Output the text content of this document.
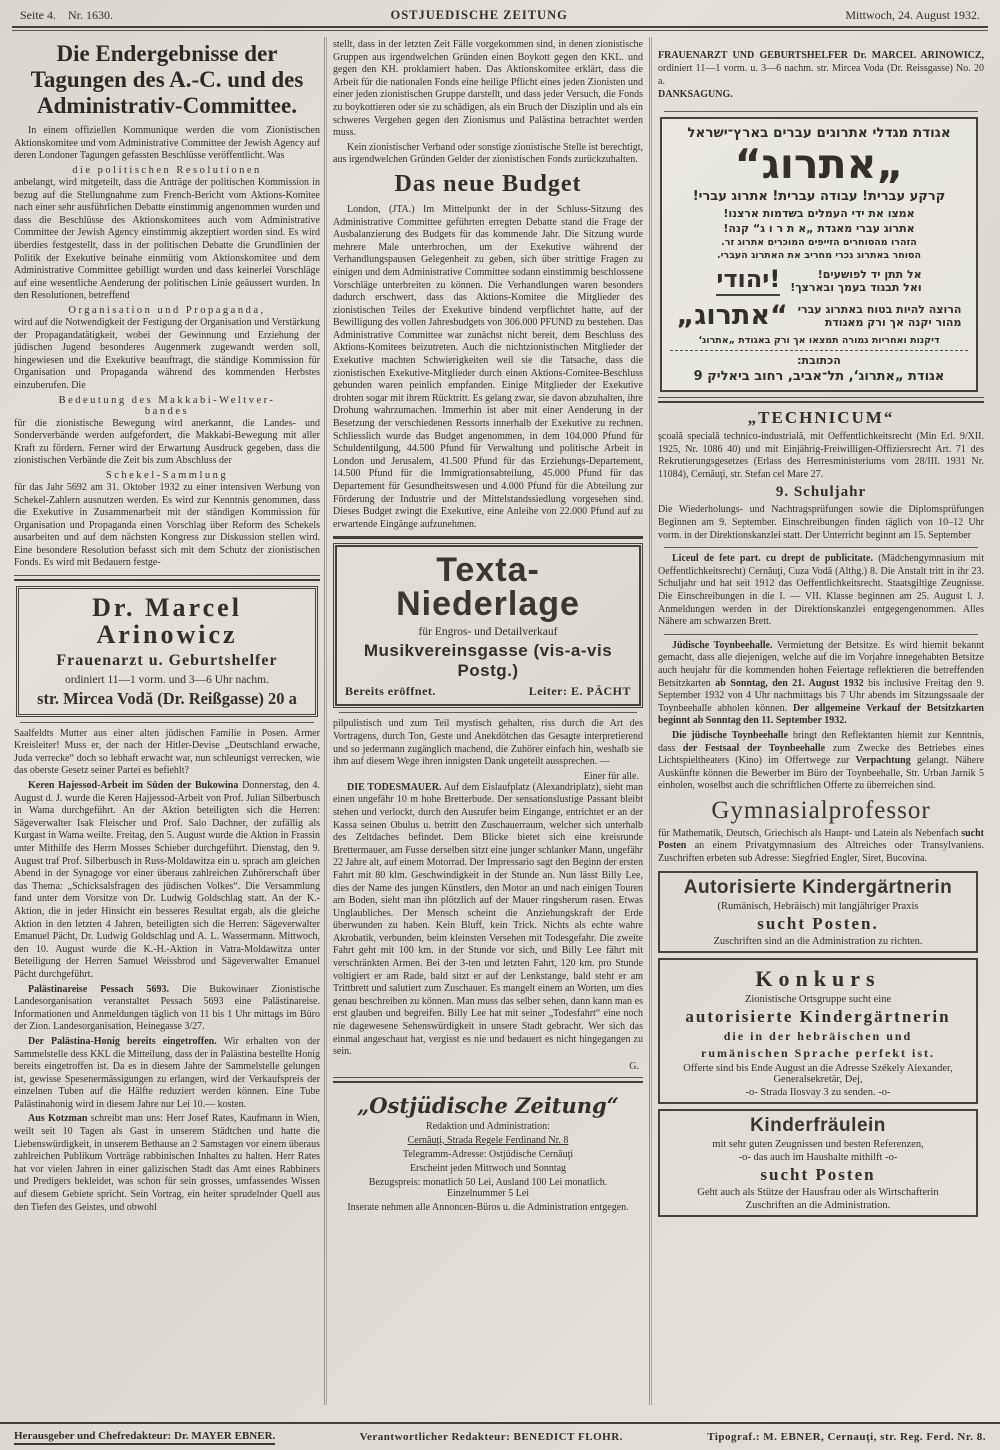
Seite 4. Nr. 1630.	OSTJUEDISCHE ZEITUNG	Mittwoch, 24. August 1932.
Die Endergebnisse der
Tagungen des A.-C. und des
Administrativ-Committee.

In einem offiziellen Kommunique werden die vom Zionistischen Aktionskomitee und vom Administrative Committee der Jewish Agency auf deren Londoner Tagungen gefassten Beschlüsse veröffentlicht. Was

die politischen Resolutionen

anbelangt, wird mitgeteilt, dass die Anträge der politischen Kommission in bezug auf die Stellungnahme zum French-Bericht vom Aktions-Komitee nach einer sehr ausführlichen Debatte einstimmig angenommen wurden und dass die Beschlüsse des Aktionskomitees auch vom Administrative Committee der Jewish Agency einstimmig akzeptiert worden sind. Es wird überdies festgestellt, dass in der politischen Debatte die Grundlinien der Politik der Exekutive beinahe einmütig vom Aktionskomitee und dem Administrative Committee gebilligt wurden und dass keinerlei Vorschläge auf eine wesentliche Aenderung der politischen Linie geäussert wurden. In den Resolutionen, betreffend

Organisation und Propaganda,

wird auf die Notwendigkeit der Festigung der Organisation und Verstärkung der Propagandatätigkeit, wobei der Gewinnung und Erziehung der jüdischen Jugend besonderes Augenmerk zugewandt werden soll, hingewiesen und die Exekutive beauftragt, die ständige Kommission für Organisation und Propaganda während des kommenden Herbstes einzuberufen. Die

Bedeutung des Makkabi-Weltver-
bandes

für die zionistische Bewegung wird anerkannt, die Landes- und Sonderverbände werden aufgefordert, die Makkabi-Bewegung mit aller Kraft zu fördern. Ferner wird der Erwartung Ausdruck gegeben, dass die zionistischen Verbände die Zeit bis zum Abschluss der

Schekel-Sammlung

für das Jahr 5692 am 31. Oktober 1932 zu einer intensiven Werbung von Schekel-Zahlern ausnutzen werden. Es wird zur Kenntnis genommen, dass die Exekutive in Zusammenarbeit mit der ständigen Kommission für Organisation und Propaganda einen Vorschlag über Reform des Schekels ausarbeiten und auf dem nächsten Kongress zur Diskussion stellen wird. Eine besondere Resolution befasst sich mit dem Schutz der zionistischen Fonds. Es wird mit Bedauern festge-

Dr. Marcel Arinowicz
Frauenarzt u. Geburtshelfer
ordiniert 11—1 vorm. und 3—6 Uhr nachm.
str. Mircea Vodă (Dr. Reißgasse) 20 a

Saalfeldts Mutter aus einer alten jüdischen Familie in Posen. Armer Kreisleiter! Muss er, der nach der Hitler-Devise „Deutschland erwache, Juda verrecke“ doch so lebhaft erwacht war, nun schleunigst verrecken, wie das oberste Gesetz seiner Partei es befiehlt?

Keren Hajessod-Arbeit im Süden der Bukowina Donnerstag, den 4. August d. J. wurde die Keren Hajjessod-Arbeit von Prof. Julian Silberbusch in Wama durchgeführt. An der Aktion beteiligten sich die Herren: Sägeverwalter Isak Fleischer und Prof. Salo Dachner, der zufällig als Kurgast in Wama weilte. Freitag, den 5. August wurde die Aktion in Frassin unter Mithilfe des Herrn Mosses Schieber durchgeführt. Dienstag, den 9. August traf Prof. Silberbusch in Russ-Moldawitza ein u. sprach am gleichen Abend in der Synagoge vor einer überaus zahlreichen Zuhörerschaft über das Thema: „Schicksalsfragen des jüdischen Volkes“. Die Versammlung fand unter dem Vorsitze von Dr. Ludwig Goldschlag statt. An der K.-Aktion, die in jeder Hinsicht ein besseres Resultat ergab, als die gleiche Aktion in den letzten 4 Jahren, beteiligten sich die Herren: Sägeverwalter Emanuel Pächt, Dr. Ludwig Goldschlag und A. L. Wassermann. Mittwoch, den 10. August wurde die K.-H.-Aktion in Vatra-Moldawitza unter Beteiligung der Herren Samuel Weissbrod und Sägeverwalter Emanuel Pächt durchgeführt.

Palästinareise Pessach 5693. Die Bukowinaer Zionistische Landesorganisation veranstaltet Pessach 5693 eine Palästinareise. Informationen und Anmeldungen täglich von 11 bis 1 Uhr mittags im Büro der Zion. Landesorganisation, Heinegasse 3/27.

Der Palästina-Honig bereits eingetroffen. Wir erhalten von der Sammelstelle dess KKL die Mitteilung, dass der in Palästina bestellte Honig bereits eingetroffen ist. Da es in diesem Jahre der Sammelstelle gelungen ist, gewisse Spesenermässigungen zu erlangen, wird der Verkaufspreis der einzelnen Tuben auf die Hälfte reduziert werden können. Eine Tube Palästinahonig wird in diesem Jahre nur Lei 10.— kosten.

Aus Kotzman schreibt man uns: Herr Josef Rates, Kaufmann in Wien, weilt seit 10 Tagen als Gast in unserem Städtchen und hatte die Liebenswürdigkeit, in unserem Bethause an 2 Samstagen vor einem überaus zahlreichen Publikum Vorträge rabbinischen Inhaltes zu halten. Herr Rates hat vor vielen Jahren in einer galizischen Stadt das Amt eines Rabbiners und Predigers bekleidet, was schon für sein grosses, umfassendes Wissen auf diesem Gebiete spricht. Sein Vortrag, ein heiter sprudelnder Quell aus den Tiefen des Geistes, und obwohl

stellt, dass in der letzten Zeit Fälle vorgekommen sind, in denen zionistische Gruppen aus irgendwelchen Gründen einen Boykott gegen den KKL. und gegen den KH. proklamiert haben. Das Aktionskomitee erklärt, dass die Arbeit für die nationalen Fonds eine heilige Pflicht eines jeden Zionisten und einer jeden zionistischen Gruppe darstellt, und dass jeder Versuch, die Fonds zu boykottieren oder sie zu schädigen, als ein Bruch der Disziplin und als ein schweres Vergehen gegen den Zionismus und Palästina betrachtet werden muss.

Kein zionistischer Verband oder sonstige zionistische Stelle ist berechtigt, aus irgendwelchen Gründen Gelder der zionistischen Fonds zurückzuhalten.

Das neue Budget

London, (JTA.) Im Mittelpunkt der in der Schluss-Sitzung des Administrative Committee geführten erregten Debatte stand die Frage der Ausbalanzierung des Budgets für das kommende Jahr. Die Sitzung wurde mehrere Male unterbrochen, um der Exekutive während der Verhandlungspausen Gelegenheit zu geben, sich über strittige Fragen zu einigen und dem Administrative Committee sodann einstimmig beschlossene Vorschläge unterbreiten zu können. Die Verhandlungen waren besonders dadurch erschwert, dass das Aktions-Komitee die Mitglieder des zionistischen Teiles der Exekutive bindend verpflichtet hatte, auf der Bewilligung des vollen Jahresbudgets von 306.000 PFUND zu bestehen. Das Administrative Committee war zunächst nicht bereit, dem Beschluss des Aktions-Komitees beizutreten. Auch die nichtzionistischen Mitglieder der Exekutive machten Schwierigkeiten weil sie die Tatsache, dass die zionistischen Exekutive-Mitglieder durch einen Aktions-Comitee-Beschluss gebunden waren peinlich empfanden. Einige Mitglieder der Exekutive drohten sogar mit ihrem Rücktritt. Es gelang zwar, sie davon abzuhalten, ihre Drohung wahrzumachen. Immerhin ist aber mit einer Aenderung in der Besetzung der verschiedenen Ressorts innerhalb der Exekutive zu rechnen. Schliesslich wurde das Budget angenommen, in dem 104.000 Pfund für Schuldentilgung, 44.500 Pfund für Verwaltung und politische Arbeit in London und Jerusalem, 41.500 Pfund für das Erziehungs-Departement, 14.500 Pfund für die Immigrationsabteilung, 45.000 Pfund für das Departement für Gesundheitswesen und 4.000 Pfund für die Abteilung zur Förderung der Industrie und der Mittelstandssiedlung vorgesehen sind. Dieses Budget zwingt die Exekutive, eine Anleihe von 22.000 Pfund auf zu erwartende Eingänge aufzunehmen.

Texta-Niederlage
für Engros- und Detailverkauf
Musikvereinsgasse (vis-a-vis Postg.)
Bereits eröffnet.	Leiter: E. PÄCHT

pilpulistisch und zum Teil mystisch gehalten, riss durch die Art des Vortragens, durch Ton, Geste und Anekdötchen das Gesagte interpretierend und so jedermann zugänglich machend, die Zuhörer einfach hin, weshalb sie ihm auf diesem Wege ihren innigsten Dank ungeteilt aussprechen. —

Einer für alle.

DIE TODESMAUER. Auf dem Eislaufplatz (Alexandriplatz), sieht man einen ungefähr 10 m hohe Bretterbude. Der sensationslustige Passant bleibt stehen und verlockt, durch den Ausrufer beim Eingange, entrichtet er an der Kassa seinen Obulus u. betritt den Zuschauerraum, welcher sich unterhalb des Zeltdaches befindet. Dem Blicke bietet sich eine kreisrunde Brettermauer, am Fusse derselben sitzt eine junger schlanker Mann, ungefähr 22 Jahre alt, auf einem Motorrad. Der Impressario sagt den Beginn der ersten Fahrt mit 80 klm. Geschwindigkeit in der Stunde an. Nun lässt Billy Lee, dies der Name des jungen Künstlers, den Motor an und nach einigen Touren am Boden, sieht man ihn plötzlich auf der Mauer ringsherum rasen. Etwas Unglaubliches. Der Mensch scheint die Anziehungskraft der Erde überwunden zu haben. Kein Bluff, kein Trick. Nichts als echte wahre Akrobatik, verbunden, beim kleinsten Versehen mit Todesgefahr. Die zweite Fahrt geht mit 100 km. in der Stunde vor sich, und Billy Lee fährt mit verschränkten Armen. Bei der 3-ten und letzten Fahrt, 120 km. pro Stunde voltigiert er am Rade, bald sitzt er auf der Lenkstange, bald steht er am Trittbrett und salutiert zum Zuschauer. Es mangelt einem an Worten, um dies genau beschreiben zu können. Man muss das selber sehen, dann kann man es erst glauben und begreifen. Billy Lee hat mit seiner „Todesfahrt“ eine noch nie dagewesene Sehenswürdigkeit in unsere Stadt gebracht. Wer sich das einmal angeschaut hat, vergisst es nie und bedauert es nicht hingegangen zu sein.

G.
„Ostjüdische Zeitung“
Redaktion und Administration:
Cernăuţi, Strada Regele Ferdinand Nr. 8
Telegramm-Adresse: Ostjüdische Cernăuţi
Erscheint jeden Mittwoch und Sonntag
Bezugspreis: monatlich 50 Lei, Ausland 100 Lei monatlich. Einzelnummer 5 Lei
Inserate nehmen alle Annoncen-Büros u. die Administration entgegen.

FRAUENARZT UND GEBURTSHELFER Dr. MARCEL ARINOWICZ, ordiniert 11—1 vorm. u. 3—6 nachm. str. Mircea Voda (Dr. Reissgasse) No. 20 a.
DANKSAGUNG.

אגודת מגדלי אתרוגים עברים בארץ־ישראל
„אתרוג“
קרקע עברית! עבודה עברית! אתרוג עברי!
אמצו את ידי העמלים בשדמות ארצנו!
אתרוג עברי מאגדת „א ת ר ו ג“ קנה!
הזהרו מהסוחרים הזייפים המוכרים אתרוג זר.
הסוחר באתרוג נכרי מחריב את האתרוג העברי.
יהודי!	אל תתן יד לפושעים!
ואל תבגוד בעמך ובארצך!
„אתרוג“ הרוצה להיות בטוח באתרוג עברי
מהור יקנה אך ורק מאגודת
דיקנות ואחריות גמורה תמצאו אך ורק באגודת „אתרוג‘
הכתובת:
אגודת „אתרוג‘, תל־אביב, רחוב ביאליק 9
„TECHNICUM“

şcoală specială technico-industrială, mit Oeffentlichkeitsrecht (Min Erl. 9/XII. 1925, Nr. 1086 40) und mit Einjährig-Freiwilligen-Offiziersrecht Art. 71 des Rekrutierungsgesetzes (Erlass des Herresministeriums vom 28/III. 1931 Nr. 11084), Cernăuţi, str. Stefan cel Mare 27.

9. Schuljahr

Die Wiederholungs- und Nachtragsprüfungen sowie die Diplomsprüfungen Beginnen am 9. September. Einschreibungen finden täglich von 10–12 Uhr vorm. in der Direktionskanzlei statt. Der Unterricht beginnt am 15. September

Liceul de fete part. cu drept de publicitate. (Mädchengymnasium mit Oeffentlichkeitsrecht) Cernăuţi, Cuza Vodă (Althg.) 8. Die Anstalt tritt in ihr 23. Schuljahr und hat seit 1912 das Oeffentlichkeitsrecht. Staatsgiltige Zeugnisse. Die Einschreibungen in die I. — VII. Klasse beginnen am 25. August l. J. Anmeldungen werden in der Direktionskanzlei entgegengenommen. Alles Nähere am schwarzen Brett.

Jüdische Toynbeehalle. Vermietung der Betsitze. Es wird hiemit bekannt gemacht, dass alle diejenigen, welche auf die im Vorjahre innegehabten Betsitze auch heujahr für die kommenden hohen Feiertage reflektieren die betreffenden Betsitzkarten ab Sonntag, den 21. August 1932 bis inclusive Freitag den 9. September 1932 von 4 Uhr nachmittags bis 7 Uhr abends im Sitzungssaale der Toynbeehalle abholen können. Der allgemeine Verkauf der Betsitzkarten beginnt ab Sonntag den 11. September 1932.

Die jüdische Toynbeehalle bringt den Reflektanten hiemit zur Kenntnis, dass der Festsaal der Toynbeehalle zum Zwecke des Betriebes eines Lichtspieltheaters (Kino) im Offertwege zur Verpachtung gelangt. Nähere Auskünfte können die Bewerber im Büro der Toynbeehalle, Str. Urban Jarnik 5 einholen, woselbst auch die schriftlichen Offerte zu überreichen sind.

Gymnasialprofessor

für Mathematik, Deutsch, Griechisch als Haupt- und Latein als Nebenfach sucht Posten an einem Privatgymnasium des Altreiches oder Transylvaniens. Zuschriften erbeten sub Adresse: Siegfried Engler, Siret, Bucovina.

Autorisierte Kindergärtnerin
(Rumänisch, Hebräisch) mit langjähriger Praxis
sucht Posten.
Zuschriften sind an die Administration zu richten.
Konkurs
Zionistische Ortsgruppe sucht eine
autorisierte Kindergärtnerin
die in der hebräischen und
rumänischen Sprache perfekt ist.
Offerte sind bis Ende August an die Adresse Székely Alexander, Generalsekretär, Dej,
-o- Strada Ilosvay 3 zu senden. -o-
Kinderfräulein
mit sehr guten Zeugnissen und besten Referenzen,
-o- das auch im Haushalte mithilft -o-
sucht Posten
Geht auch als Stütze der Hausfrau oder als Wirtschafterin
Zuschriften an die Administration.
Herausgeber und Chefredakteur: Dr. MAYER EBNER.	Verantwortlicher Redakteur: BENEDICT FLOHR.	Tipograf.: M. EBNER, Cernauţi, str. Reg. Ferd. Nr. 8.
